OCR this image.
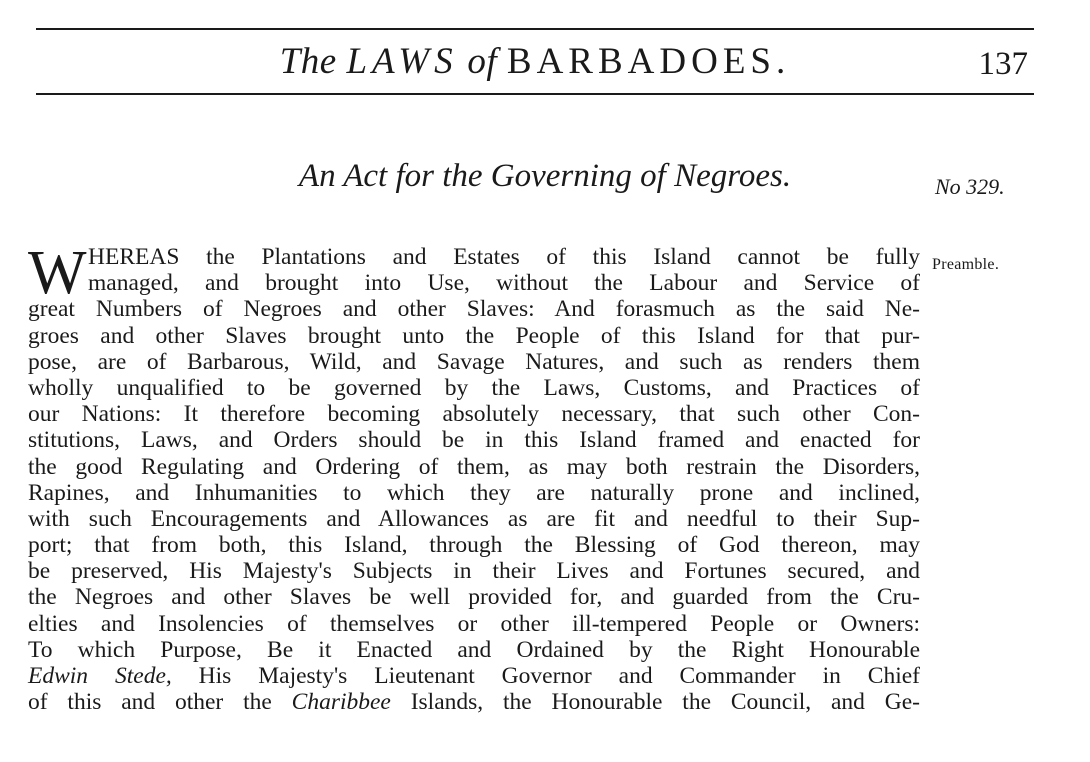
The LAWS of BARBADOES.	137
An Act for the Governing of Negroes.	No 329.
Preamble.
W HEREAS the Plantations and Estates of this Island cannot be fully
managed, and brought into Use, without the Labour and Service of
great Numbers of Negroes and other Slaves: And forasmuch as the said Ne-
groes and other Slaves brought unto the People of this Island for that pur-
pose, are of Barbarous, Wild, and Savage Natures, and such as renders them
wholly unqualified to be governed by the Laws, Customs, and Practices of
our Nations: It therefore becoming absolutely necessary, that such other Con-
stitutions, Laws, and Orders should be in this Island framed and enacted for
the good Regulating and Ordering of them, as may both restrain the Disorders,
Rapines, and Inhumanities to which they are naturally prone and inclined,
with such Encouragements and Allowances as are fit and needful to their Sup-
port; that from both, this Island, through the Blessing of God thereon, may
be preserved, His Majesty's Subjects in their Lives and Fortunes secured, and
the Negroes and other Slaves be well provided for, and guarded from the Cru-
elties and Insolencies of themselves or other ill-tempered People or Owners:
To which Purpose, Be it Enacted and Ordained by the Right Honourable
Edwin Stede, His Majesty's Lieutenant Governor and Commander in Chief
of this and other the Charibbee Islands, the Honourable the Council, and Ge-
